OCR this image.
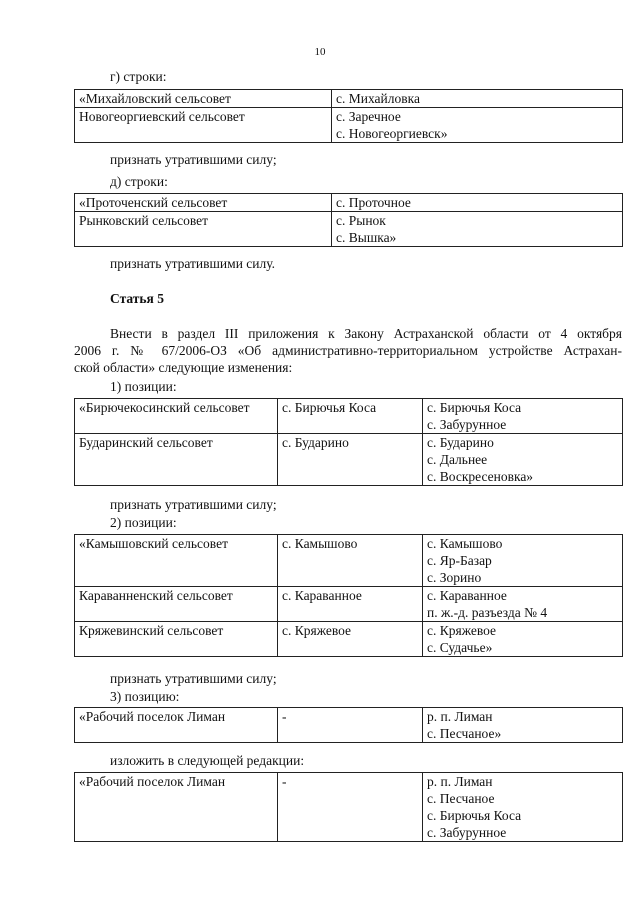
10
г) строки:
«Михайловский сельсовет	с. Михайловка

Новогеоргиевский сельсовет	с. Заречное
с. Новогеоргиевск»
признать утратившими силу;
д) строки:
«Проточенский сельсовет	с. Проточное

Рынковский сельсовет	с. Рынок
с. Вышка»
признать утратившими силу.
Статья 5
Внести в раздел III приложения к Закону Астраханской области от 4 октября
2006 г. № 67/2006-ОЗ «Об административно-территориальном устройстве Астрахан-
ской области» следующие изменения:
1) позиции:
«Бирючекосинский сельсовет	с. Бирючья Коса	с. Бирючья Коса
с. Забурунное

Бударинский сельсовет	с. Бударино	с. Бударино
с. Дальнее
с. Воскресеновка»
признать утратившими силу;
2) позиции:
«Камышовский сельсовет	с. Камышово	с. Камышово
с. Яр-Базар
с. Зорино

Караванненский сельсовет	с. Караванное	с. Караванное
п. ж.-д. разъезда № 4

Кряжевинский сельсовет	с. Кряжевое	с. Кряжевое
с. Судачье»
признать утратившими силу;
3) позицию:
«Рабочий поселок Лиман	-	р. п. Лиман
с. Песчаное»
изложить в следующей редакции:
«Рабочий поселок Лиман	-	р. п. Лиман
с. Песчаное
с. Бирючья Коса
с. Забурунное
